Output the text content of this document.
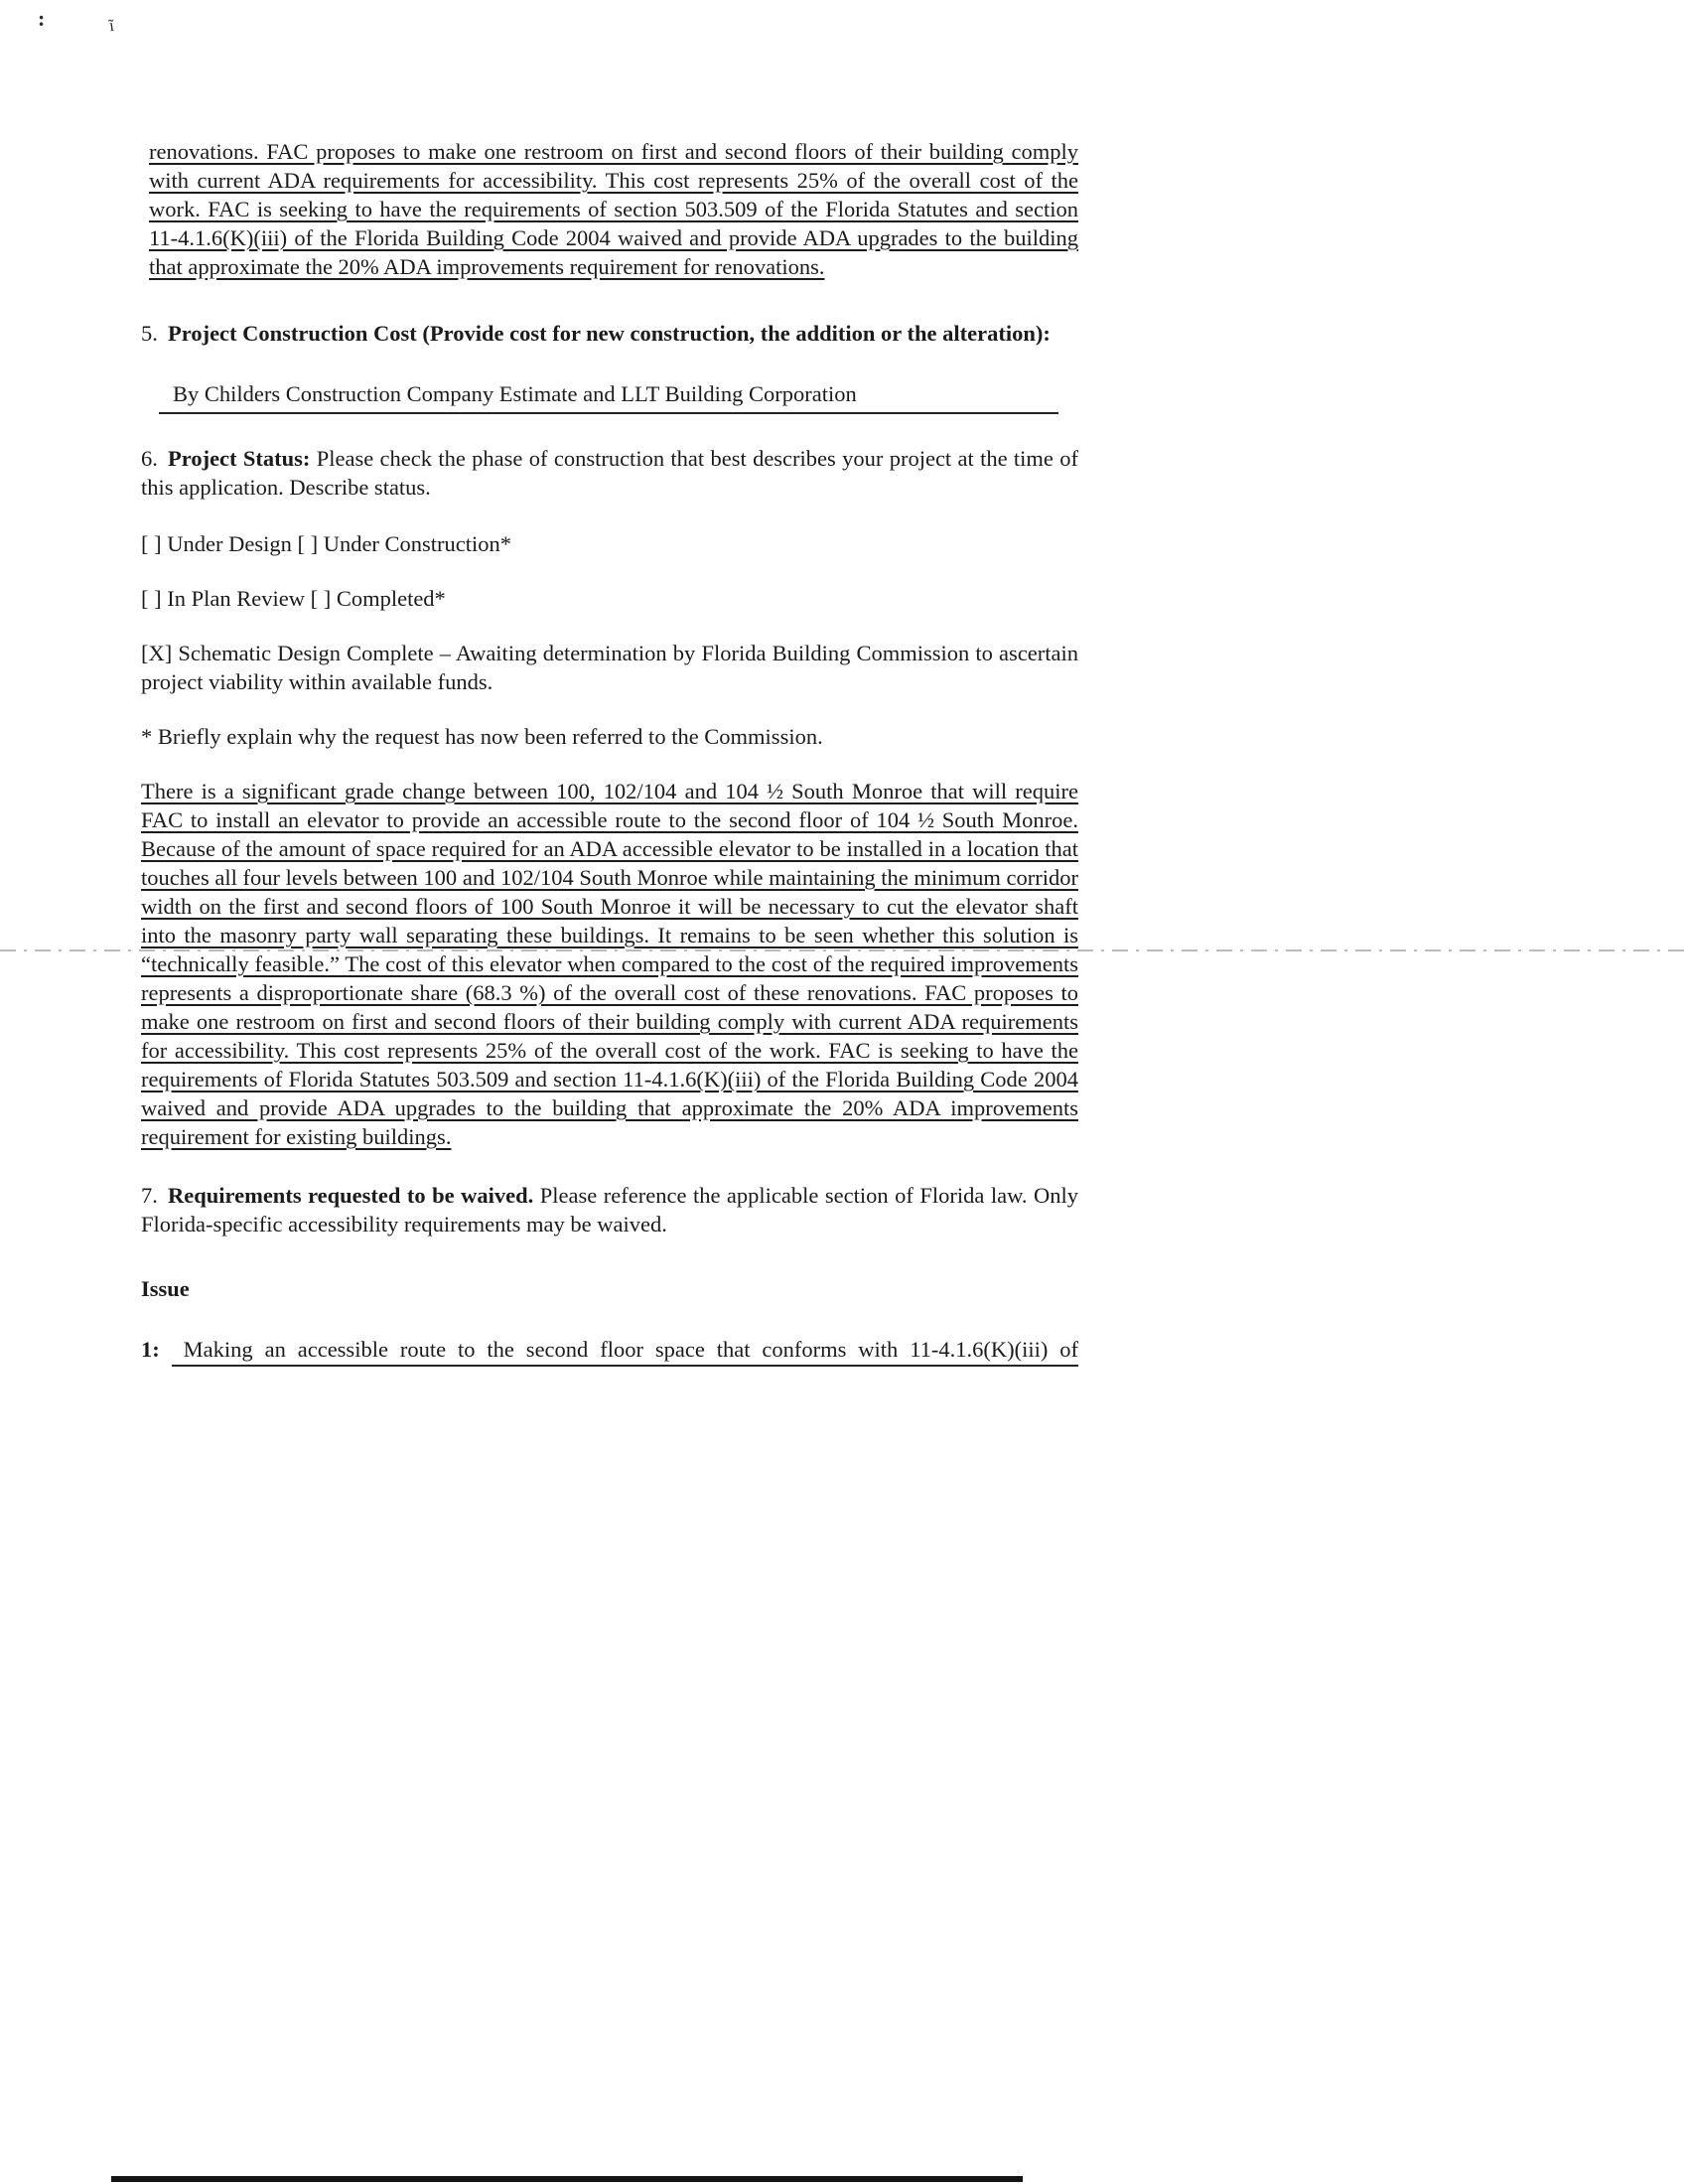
:	ĩ

renovations. FAC proposes to make one restroom on first and second floors of their building comply with current ADA requirements for accessibility. This cost represents 25% of the overall cost of the work. FAC is seeking to have the requirements of section 503.509 of the Florida Statutes and section 11-4.1.6(K)(iii) of the Florida Building Code 2004 waived and provide ADA upgrades to the building that approximate the 20% ADA improvements requirement for renovations.

5. Project Construction Cost (Provide cost for new construction, the addition or the alteration):

By Childers Construction Company Estimate and LLT Building Corporation

6. Project Status: Please check the phase of construction that best describes your project at the time of this application. Describe status.

[ ] Under Design [ ] Under Construction*

[ ] In Plan Review [ ] Completed*

[X] Schematic Design Complete – Awaiting determination by Florida Building Commission to ascertain project viability within available funds.

* Briefly explain why the request has now been referred to the Commission.

There is a significant grade change between 100, 102/104 and 104 ½ South Monroe that will require FAC to install an elevator to provide an accessible route to the second floor of 104 ½ South Monroe. Because of the amount of space required for an ADA accessible elevator to be installed in a location that touches all four levels between 100 and 102/104 South Monroe while maintaining the minimum corridor width on the first and second floors of 100 South Monroe it will be necessary to cut the elevator shaft into the masonry party wall separating these buildings. It remains to be seen whether this solution is “technically feasible.” The cost of this elevator when compared to the cost of the required improvements represents a disproportionate share (68.3 %) of the overall cost of these renovations. FAC proposes to make one restroom on first and second floors of their building comply with current ADA requirements for accessibility. This cost represents 25% of the overall cost of the work. FAC is seeking to have the requirements of Florida Statutes 503.509 and section 11-4.1.6(K)(iii) of the Florida Building Code 2004 waived and provide ADA upgrades to the building that approximate the 20% ADA improvements requirement for existing buildings.

7. Requirements requested to be waived. Please reference the applicable section of Florida law. Only Florida-specific accessibility requirements may be waived.

Issue

1: Making an accessible route to the second floor space that conforms with 11-4.1.6(K)(iii) of
